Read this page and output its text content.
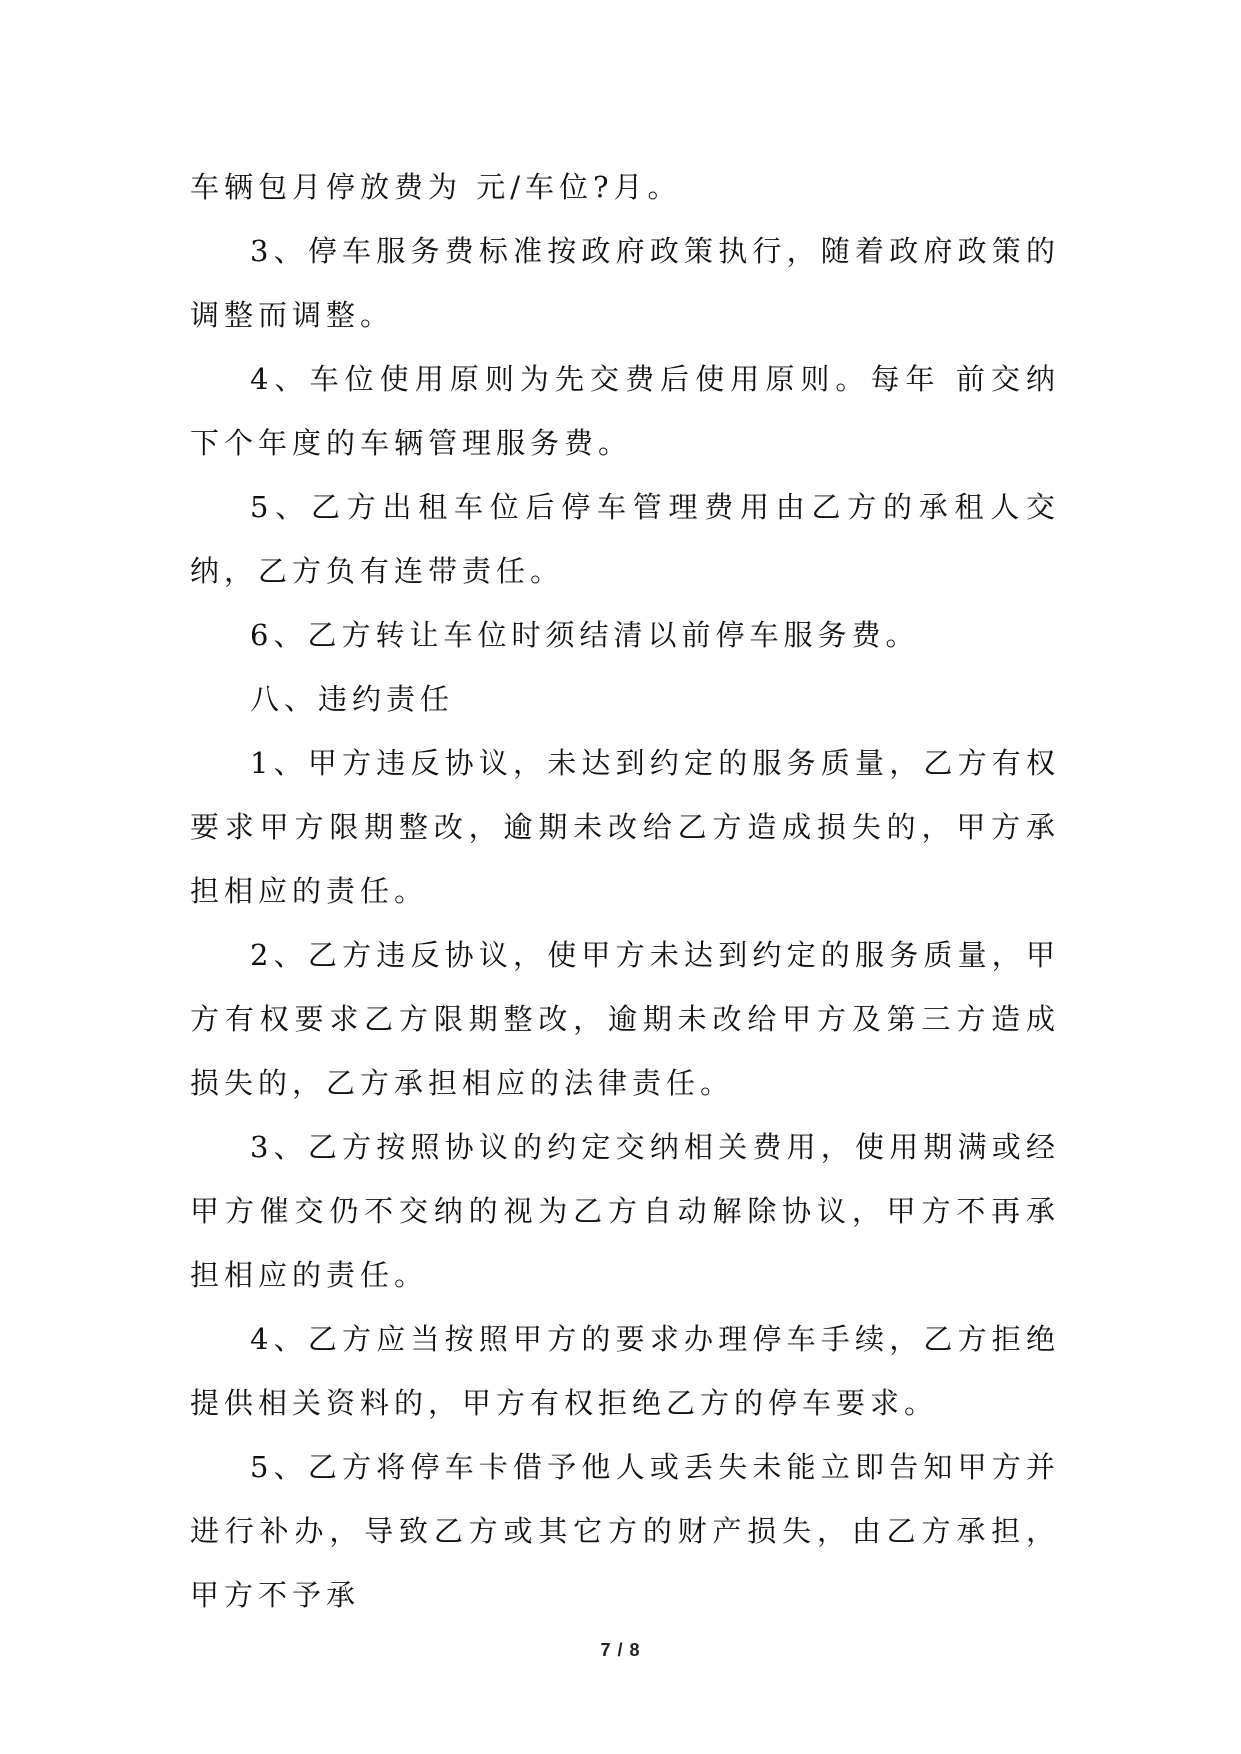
车辆包月停放费为 元/车位?月。

3、停车服务费标准按政府政策执行，随着政府政策的调整而调整。

4、车位使用原则为先交费后使用原则。每年 前交纳下个年度的车辆管理服务费。

5、乙方出租车位后停车管理费用由乙方的承租人交纳，乙方负有连带责任。

6、乙方转让车位时须结清以前停车服务费。

八、违约责任

1、甲方违反协议，未达到约定的服务质量，乙方有权要求甲方限期整改，逾期未改给乙方造成损失的，甲方承担相应的责任。

2、乙方违反协议，使甲方未达到约定的服务质量，甲方有权要求乙方限期整改，逾期未改给甲方及第三方造成损失的，乙方承担相应的法律责任。

3、乙方按照协议的约定交纳相关费用，使用期满或经甲方催交仍不交纳的视为乙方自动解除协议，甲方不再承担相应的责任。

4、乙方应当按照甲方的要求办理停车手续，乙方拒绝提供相关资料的，甲方有权拒绝乙方的停车要求。

5、乙方将停车卡借予他人或丢失未能立即告知甲方并进行补办，导致乙方或其它方的财产损失，由乙方承担，甲方不予承

7 / 8
